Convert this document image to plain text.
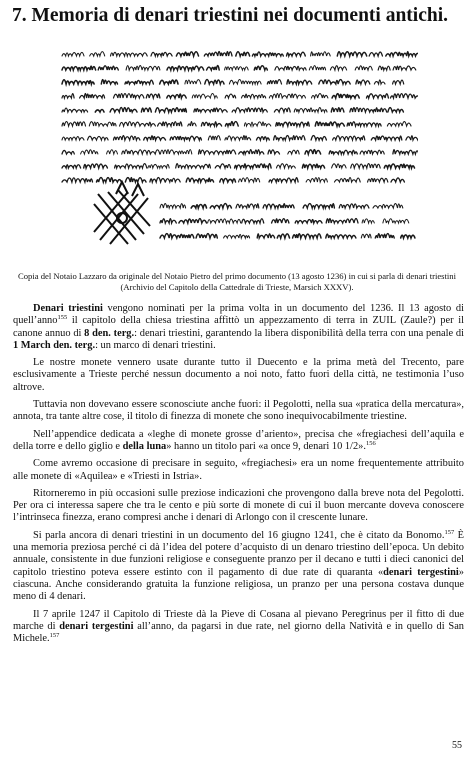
7. Memoria di denari triestini nei documenti antichi.
Copia del Notaio Lazzaro da originale del Notaio Pietro del primo documento (13 agosto 1236) in cui si parla di denari triestini (Archivio del Capitolo della Cattedrale di Trieste, Marsich XXXV).

Denari triestini vengono nominati per la prima volta in un documento del 1236. Il 13 agosto di quell’anno$^{155}$ il capitolo della chiesa triestina affittò un appezzamento di terra in ZUIL (Zaule?) per il canone annuo di 8 den. terg.: denari triestini, garantendo la libera disponibilità della terra con una penale di 1 March den. terg.: un marco di denari triestini.

Le nostre monete vennero usate durante tutto il Duecento e la prima metà del Trecento, pare esclusivamente a Trieste perché nessun documento a noi noto, fatto fuori della città, ne testimonia l’uso altrove.

Tuttavia non dovevano essere sconosciute anche fuori: il Pegolotti, nella sua «pratica della mercatura», annota, tra tante altre cose, il titolo di finezza di monete che sono inequivocabilmente triestine.

Nell’appendice dedicata a «leghe di monete grosse d’ariento», precisa che «fregiachesi dell’aquila e della torre e dello giglio e della luna» hanno un titolo pari «a once 9, denari 10 1/2».$^{156}$

Come avremo occasione di precisare in seguito, «fregiachesi» era un nome frequentemente attribuito alle monete di «Aquilea» e «Triesti in Istria».

Ritorneremo in più occasioni sulle preziose indicazioni che provengono dalla breve nota del Pegolotti. Per ora ci interessa sapere che tra le cento e più sorte di monete di cui il buon mercante doveva conoscere l’intrinseca finezza, erano compresi anche i denari di Arlongo con il crescente lunare.

Si parla ancora di denari triestini in un documento del 16 giugno 1241, che è citato da Bonomo.$^{157}$ È una memoria preziosa perché ci dà l’idea del potere d’acquisto di un denaro triestino dell’epoca. Un debito annuale, consistente in due funzioni religiose e conseguente pranzo per il decano e tutti i dieci canonici del capitolo triestino poteva essere estinto con il pagamento di due rate di quaranta «denari tergestini» ciascuna. Anche considerando gratuita la funzione religiosa, un pranzo per una persona costava dunque meno di 4 denari.

Il 7 aprile 1247 il Capitolo di Trieste dà la Pieve di Cosana al pievano Peregrinus per il fitto di due marche di denari tergestini all’anno, da pagarsi in due rate, nel giorno della Natività e in quello di San Michele.$^{157}$

55
